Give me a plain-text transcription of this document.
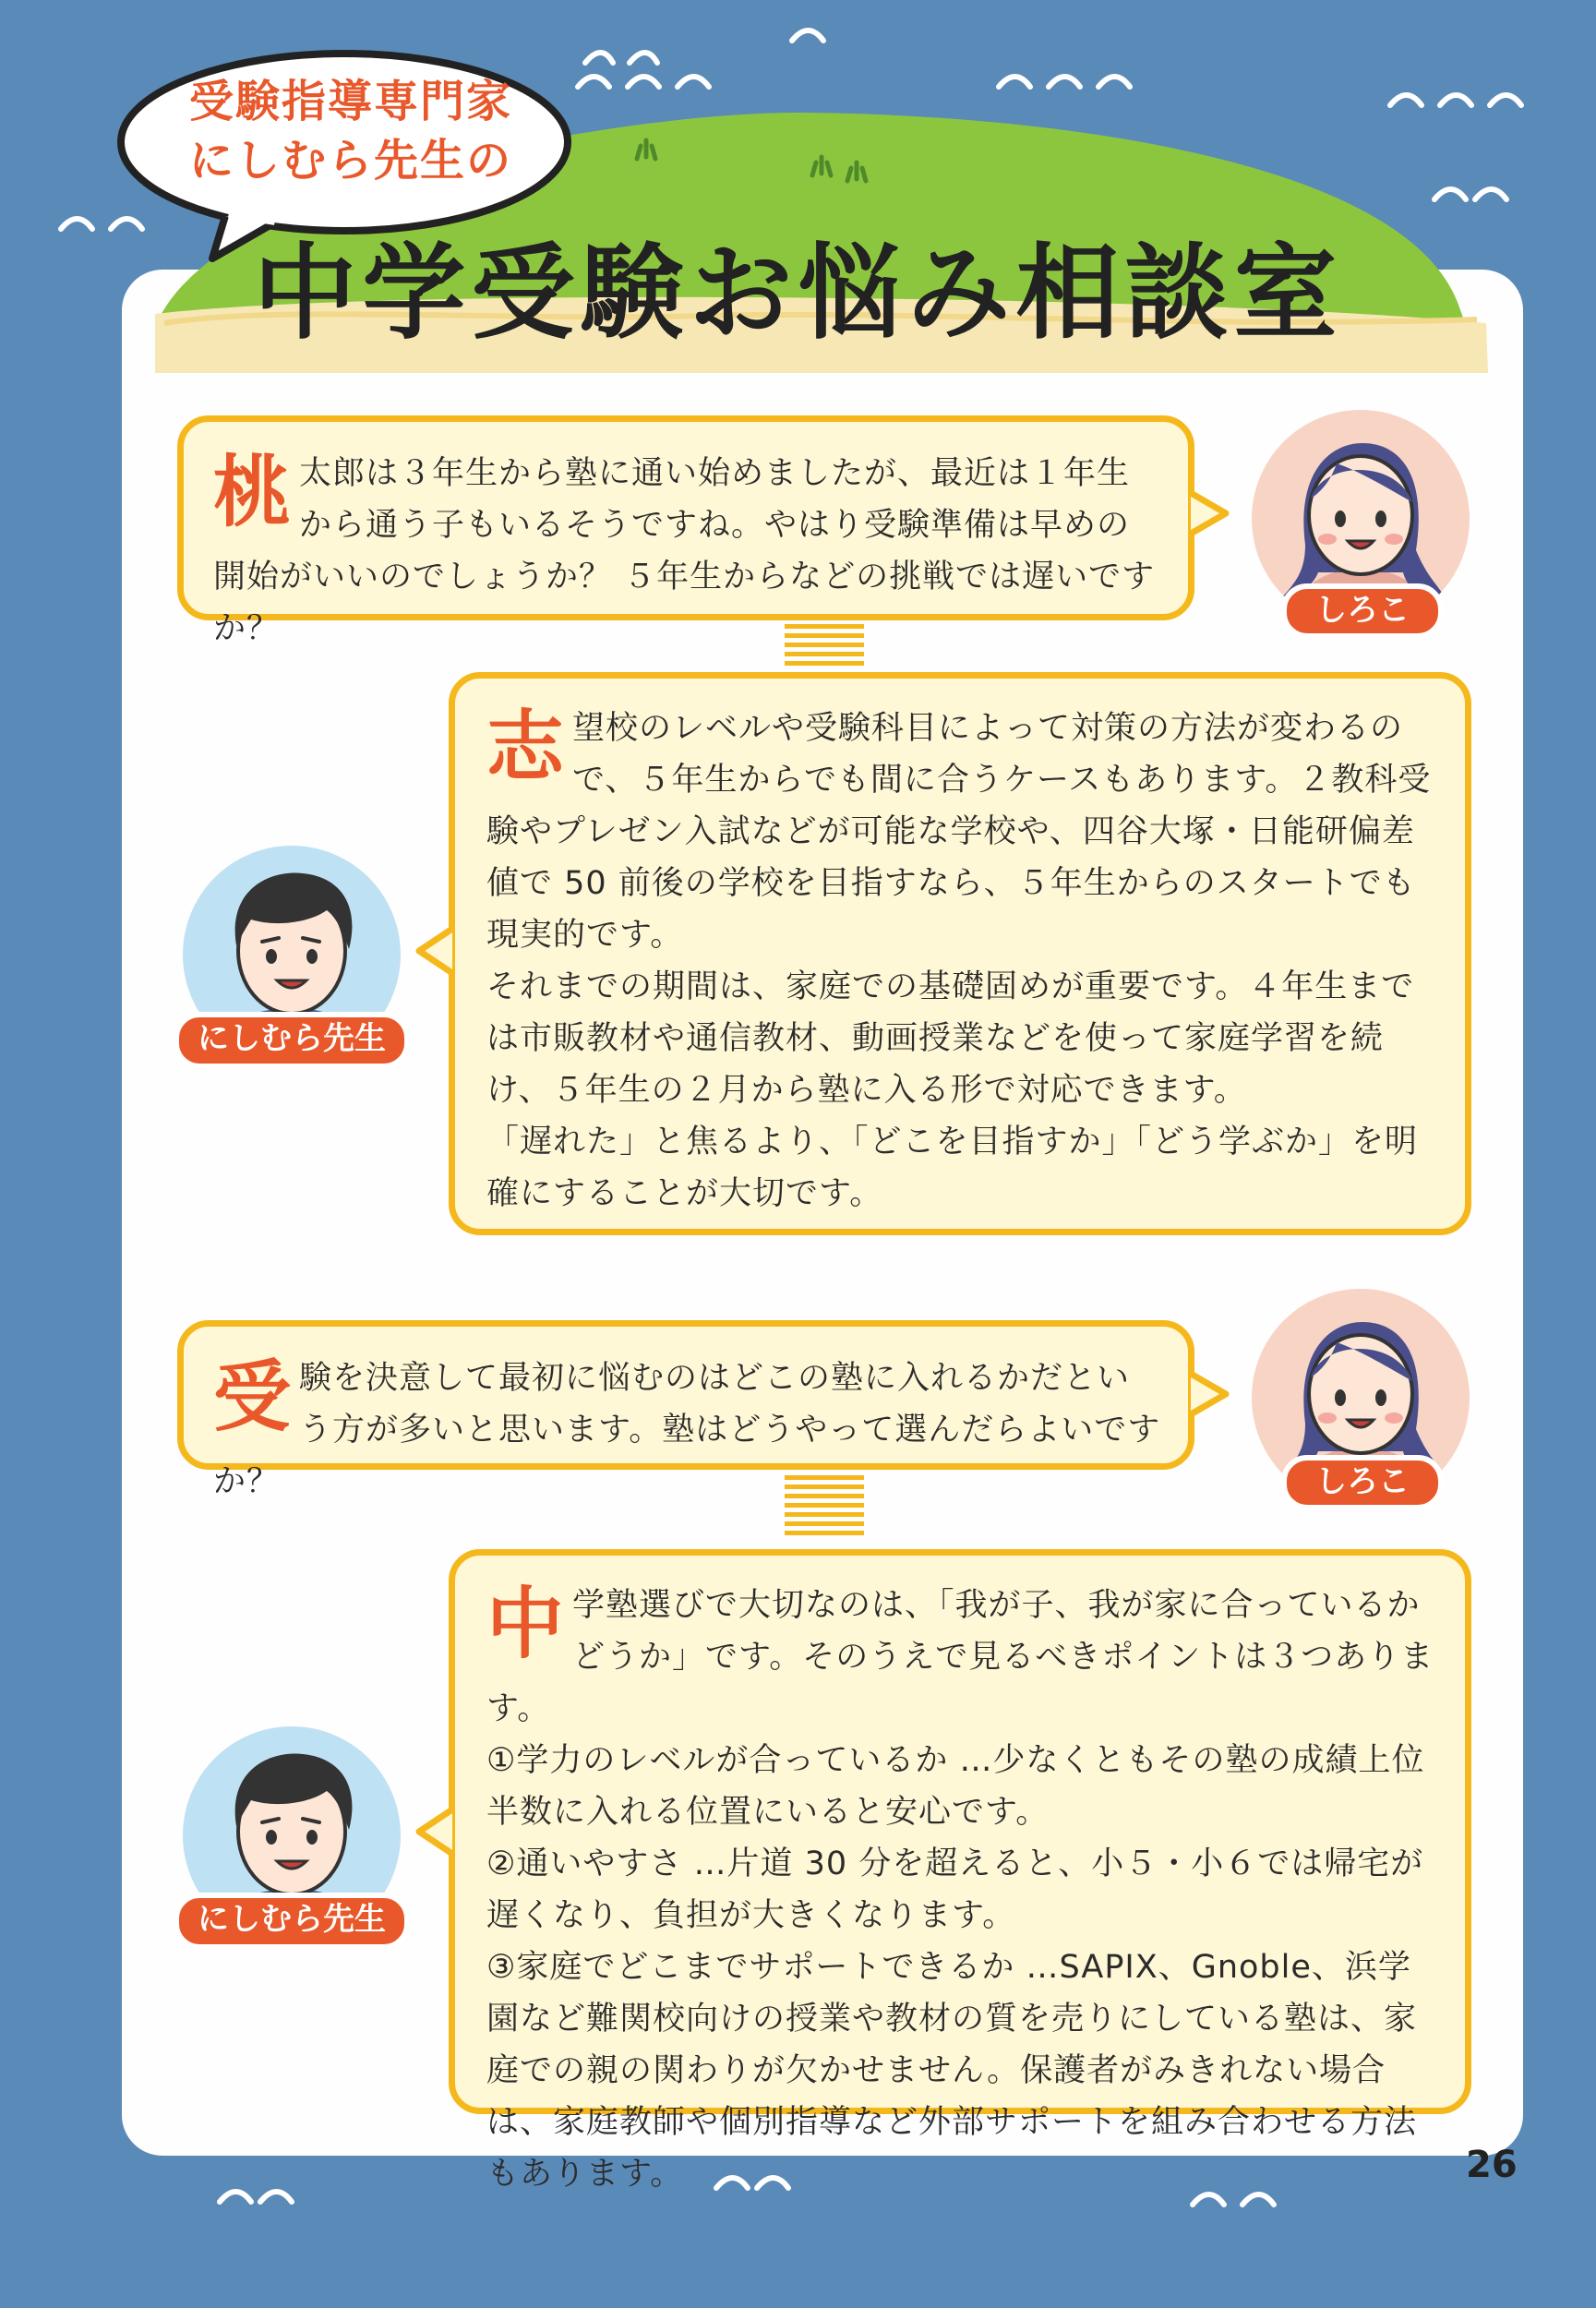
受験指導専門家
にしむら先生の
中学受験お悩み相談室
桃 太郎は３年生から塾に通い始めましたが、最近は１年生から通う子もいるそうですね。やはり受験準備は早めの開始がいいのでしょうか？ ５年生からなどの挑戦では遅いですか？	しろこ
志 望校のレベルや受験科目によって対策の方法が変わるので、５年生からでも間に合うケースもあります。２教科受験やプレゼン入試などが可能な学校や、四谷大塚・日能研偏差値で 50 前後の学校を目指すなら、５年生からのスタートでも現実的です。

それまでの期間は、家庭での基礎固めが重要です。４年生までは市販教材や通信教材、動画授業などを使って家庭学習を続け、５年生の２月から塾に入る形で対応できます。

「遅れた」と焦るより、「どこを目指すか」「どう学ぶか」を明確にすることが大切です。

にしむら先生
受 験を決意して最初に悩むのはどこの塾に入れるかだという方が多いと思います。塾はどうやって選んだらよいですか？	しろこ
中 学塾選びで大切なのは、「我が子、我が家に合っているかどうか」です。そのうえで見るべきポイントは３つあります。

①学力のレベルが合っているか …少なくともその塾の成績上位半数に入れる位置にいると安心です。

②通いやすさ …片道 30 分を超えると、小５・小６では帰宅が遅くなり、負担が大きくなります。

③家庭でどこまでサポートできるか …SAPIX、Gnoble、浜学園など難関校向けの授業や教材の質を売りにしている塾は、家庭での親の関わりが欠かせません。保護者がみきれない場合は、家庭教師や個別指導など外部サポートを組み合わせる方法もあります。

にしむら先生
26
